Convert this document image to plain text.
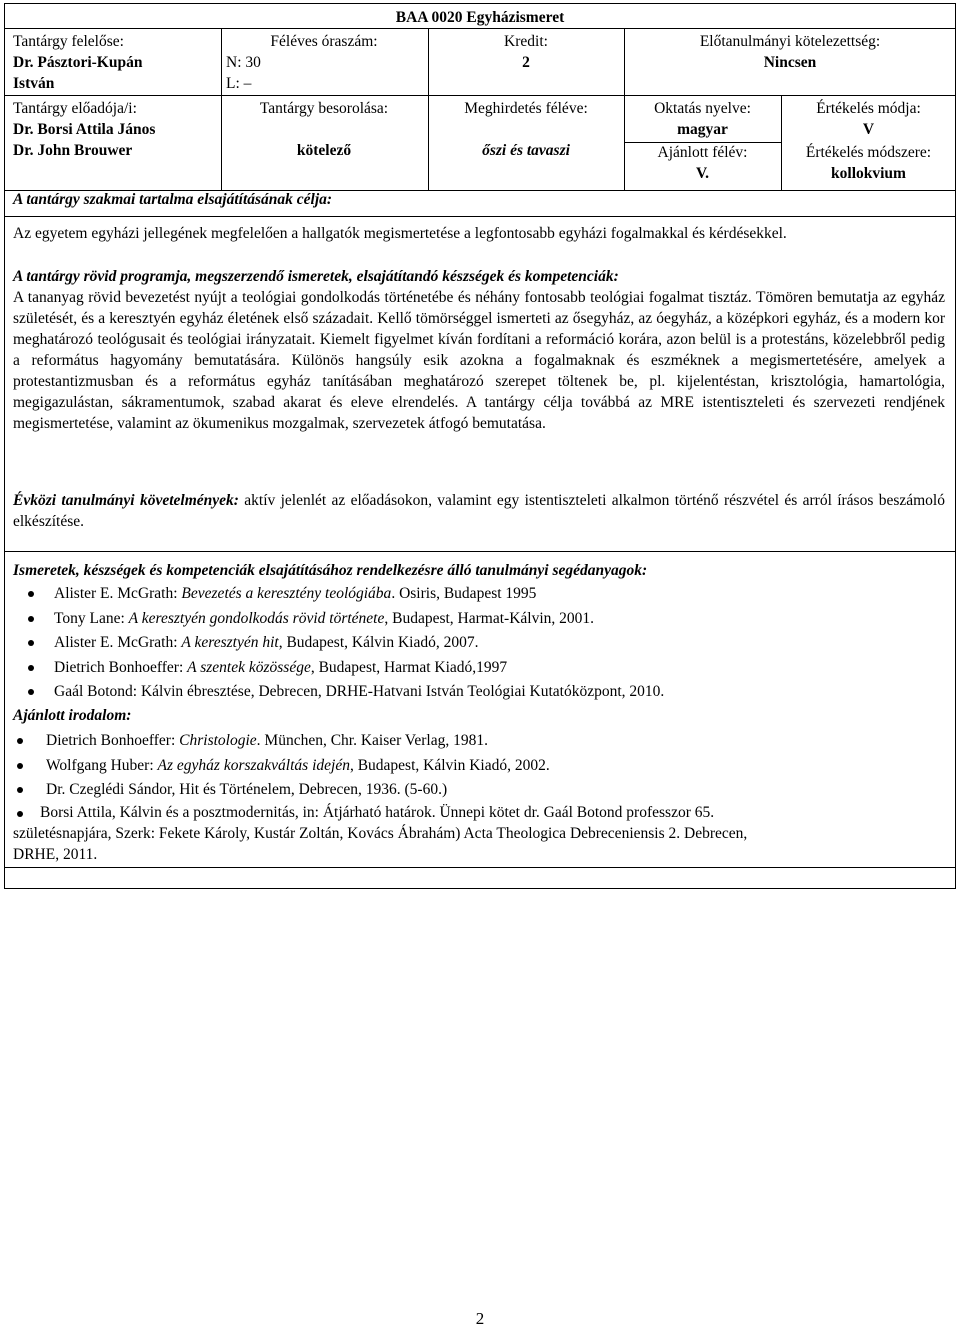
BAA 0020 Egyházismeret
Tantárgy felelőse:
Dr. Pásztori-Kupán
István
Féléves óraszám:
N: 30
L: –
Kredit:
2
Előtanulmányi kötelezettség:
Nincsen
Tantárgy előadója/i:
Dr. Borsi Attila János
Dr. John Brouwer
Tantárgy besorolása:
kötelező
Meghirdetés féléve:
őszi és tavaszi
Oktatás nyelve:
magyar
Ajánlott félév:
V.
Értékelés módja:
V
Értékelés módszere:
kollokvium
A tantárgy szakmai tartalma elsajátításának célja:
Az egyetem egyházi jellegének megfelelően a hallgatók megismertetése a legfontosabb egyházi fogalmakkal és kérdésekkel.
A tantárgy rövid programja, megszerzendő ismeretek, elsajátítandó készségek és kompetenciák:
A tananyag rövid bevezetést nyújt a teológiai gondolkodás történetébe és néhány fontosabb teológiai fogalmat tisztáz. Tömören bemutatja az egyház születését, és a keresztyén egyház életének első századait. Kellő tömörséggel ismerteti az ősegyház, az óegyház, a középkori egyház, és a modern kor meghatározó teológusait és teológiai irányzatait. Kiemelt figyelmet kíván fordítani a reformáció korára, azon belül is a protestáns, közelebbről pedig a református hagyomány bemutatására. Különös hangsúly esik azokna a fogalmaknak és eszméknek a megismertetésére, amelyek a protestantizmusban és a református egyház tanításában meghatározó szerepet töltenek be, pl. kijelentéstan, krisztológia, hamartológia, megigazulástan, sákramentumok, szabad akarat és eleve elrendelés. A tantárgy célja továbbá az MRE istentiszteleti és szervezeti rendjének megismertetése, valamint az ökumenikus mozgalmak, szervezetek átfogó bemutatása.
Évközi tanulmányi követelmények: aktív jelenlét az előadásokon, valamint egy istentiszteleti alkalmon történő részvétel és arról írásos beszámoló elkészítése.
Ismeretek, készségek és kompetenciák elsajátításához rendelkezésre álló tanulmányi segédanyagok:
Alister E. McGrath: Bevezetés a keresztény teológiába. Osiris, Budapest 1995
Tony Lane: A keresztyén gondolkodás rövid története, Budapest, Harmat-Kálvin, 2001.
Alister E. McGrath: A keresztyén hit, Budapest, Kálvin Kiadó, 2007.
Dietrich Bonhoeffer: A szentek közössége, Budapest, Harmat Kiadó,1997
Gaál Botond: Kálvin ébresztése, Debrecen, DRHE-Hatvani István Teológiai Kutatóközpont, 2010.
Ajánlott irodalom:
Dietrich Bonhoeffer: Christologie. München, Chr. Kaiser Verlag, 1981.
Wolfgang Huber: Az egyház korszakváltás idején, Budapest, Kálvin Kiadó, 2002.
Dr. Czeglédi Sándor, Hit és Történelem, Debrecen, 1936. (5-60.)
Borsi Attila, Kálvin és a posztmodernitás, in: Átjárható határok. Ünnepi kötet dr. Gaál Botond professzor 65.
születésnapjára, Szerk: Fekete Károly, Kustár Zoltán, Kovács Ábrahám) Acta Theologica Debreceniensis 2. Debrecen,
DRHE, 2011.
2
